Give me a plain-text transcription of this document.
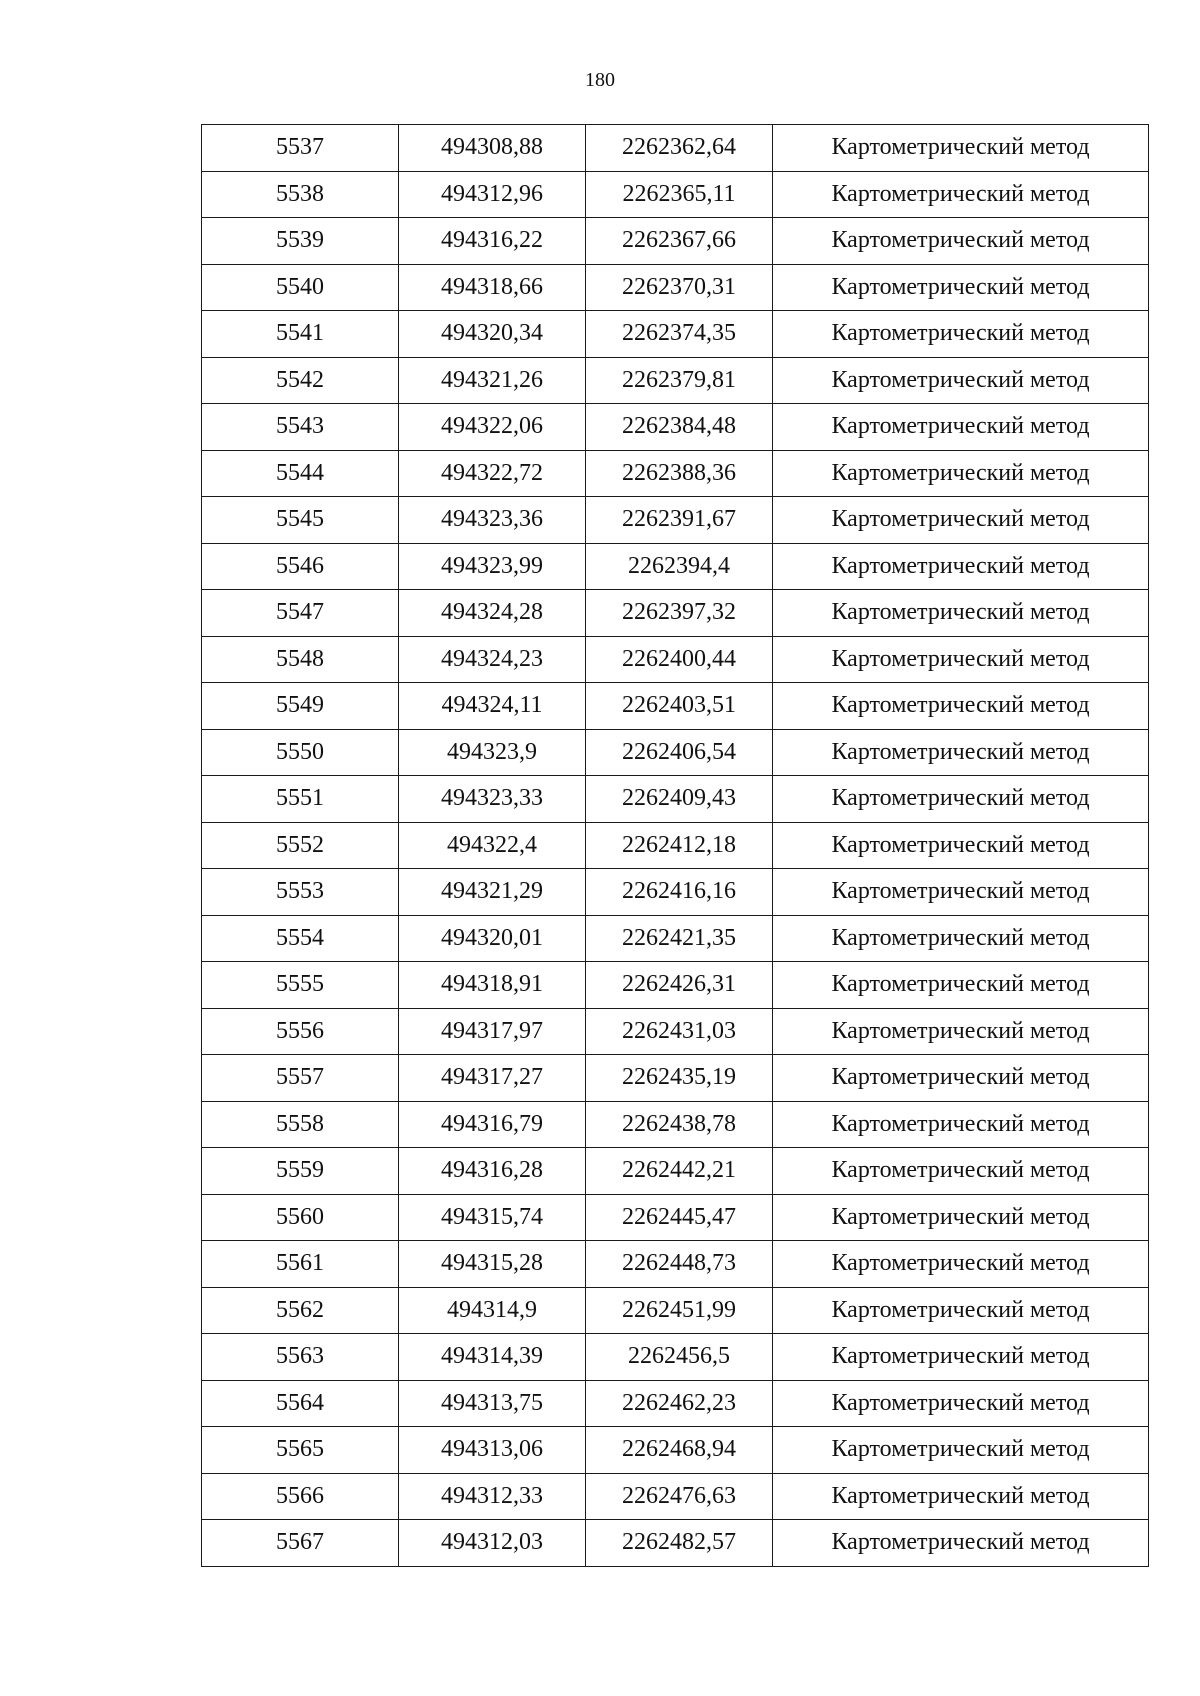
180
5537	494308,88	2262362,64	Картометрический метод
5538	494312,96	2262365,11	Картометрический метод
5539	494316,22	2262367,66	Картометрический метод
5540	494318,66	2262370,31	Картометрический метод
5541	494320,34	2262374,35	Картометрический метод
5542	494321,26	2262379,81	Картометрический метод
5543	494322,06	2262384,48	Картометрический метод
5544	494322,72	2262388,36	Картометрический метод
5545	494323,36	2262391,67	Картометрический метод
5546	494323,99	2262394,4	Картометрический метод
5547	494324,28	2262397,32	Картометрический метод
5548	494324,23	2262400,44	Картометрический метод
5549	494324,11	2262403,51	Картометрический метод
5550	494323,9	2262406,54	Картометрический метод
5551	494323,33	2262409,43	Картометрический метод
5552	494322,4	2262412,18	Картометрический метод
5553	494321,29	2262416,16	Картометрический метод
5554	494320,01	2262421,35	Картометрический метод
5555	494318,91	2262426,31	Картометрический метод
5556	494317,97	2262431,03	Картометрический метод
5557	494317,27	2262435,19	Картометрический метод
5558	494316,79	2262438,78	Картометрический метод
5559	494316,28	2262442,21	Картометрический метод
5560	494315,74	2262445,47	Картометрический метод
5561	494315,28	2262448,73	Картометрический метод
5562	494314,9	2262451,99	Картометрический метод
5563	494314,39	2262456,5	Картометрический метод
5564	494313,75	2262462,23	Картометрический метод
5565	494313,06	2262468,94	Картометрический метод
5566	494312,33	2262476,63	Картометрический метод
5567	494312,03	2262482,57	Картометрический метод
